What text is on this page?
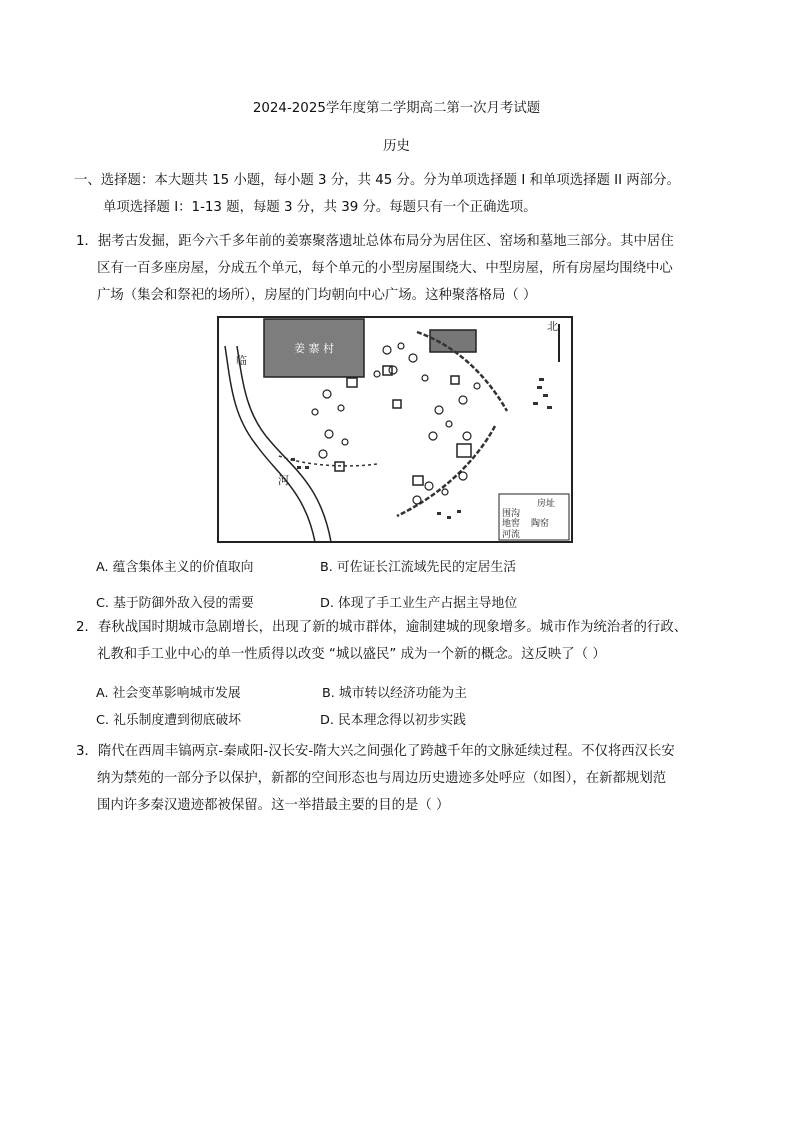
2024-2025学年度第二学期高二第一次月考试题
历史
一、选择题：本大题共 15 小题，每小题 3 分，共 45 分。分为单项选择题 I 和单项选择题 II 两部分。
单项选择题 I：1-13 题，每题 3 分，共 39 分。每题只有一个正确选项。
1．据考古发掘，距今六千多年前的姜寨聚落遗址总体布局分为居住区、窑场和墓地三部分。其中居住
区有一百多座房屋，分成五个单元，每个单元的小型房屋围绕大、中型房屋，所有房屋均围绕中心
广场（集会和祭祀的场所），房屋的门均朝向中心广场。这种聚落格局（ ）
姜 寨 村
临
河
北
房址
围沟
地窖 陶窑
河流
A. 蕴含集体主义的价值取向	B. 可佐证长江流域先民的定居生活
C. 基于防御外敌入侵的需要	D. 体现了手工业生产占据主导地位
2．春秋战国时期城市急剧增长，出现了新的城市群体，逾制建城的现象增多。城市作为统治者的行政、
礼教和手工业中心的单一性质得以改变 “城以盛民” 成为一个新的概念。这反映了（ ）
A. 社会变革影响城市发展	B. 城市转以经济功能为主
C. 礼乐制度遭到彻底破坏	D. 民本理念得以初步实践
3．隋代在西周丰镐两京-秦咸阳-汉长安-隋大兴之间强化了跨越千年的文脉延续过程。不仅将西汉长安
纳为禁苑的一部分予以保护，新都的空间形态也与周边历史遗迹多处呼应（如图），在新都规划范
围内许多秦汉遗迹都被保留。这一举措最主要的目的是（ ）
